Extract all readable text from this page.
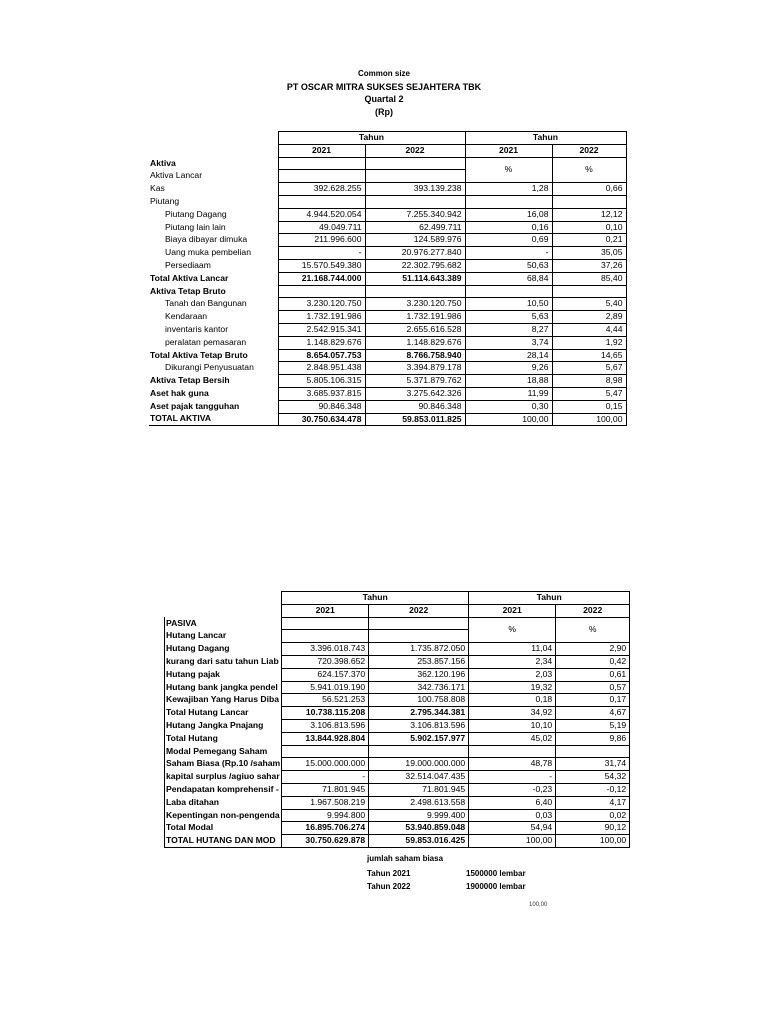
Common size
PT OSCAR MITRA SUKSES SEJAHTERA TBK
Quartal 2
(Rp)
	Tahun		Tahun	
	2021	2022	2021	2022
Aktiva			%	%
Aktiva Lancar				
Kas	392.628.255	393.139.238	1,28	0,66
Piutang				
Piutang Dagang	4.944.520.054	7.255.340.942	16,08	12,12
Piutang lain lain	49.049.711	62.499.711	0,16	0,10
Biaya dibayar dimuka	211.996.600	124.589.976	0,69	0,21
Uang muka pembelian	-	20.976.277.840	-	35,05
Persediaam	15.570.549.380	22.302.795.682	50,63	37,26
Total Aktiva Lancar	21.168.744.000	51.114.643.389	68,84	85,40
Aktiva Tetap Bruto				
Tanah dan Bangunan	3.230.120.750	3.230.120.750	10,50	5,40
Kendaraan	1.732.191.986	1.732.191.986	5,63	2,89
inventaris kantor	2.542.915.341	2.655.616.528	8,27	4,44
peralatan pemasaran	1.148.829.676	1.148.829.676	3,74	1,92
Total Aktiva Tetap Bruto	8.654.057.753	8.766.758.940	28,14	14,65
Dikurangi Penyusuatan	2.848.951.438	3.394.879.178	9,26	5,67
Aktiva Tetap Bersih	5.805.106.315	5.371.879.762	18,88	8,98
Aset hak guna	3.685.937.815	3.275.642.326	11,99	5,47
Aset pajak tangguhan	90.846.348	90.846.348	0,30	0,15
TOTAL AKTIVA	30.750.634.478	59.853.011.825	100,00	100,00
	Tahun		Tahun	
	2021	2022	2021	2022
PASIVA			%	%
Hutang Lancar				
Hutang Dagang	3.396.018.743	1.735.872.050	11,04	2,90
kurang dari satu tahun Liab	720.398.652	253.857.156	2,34	0,42
Hutang pajak	624.157.370	362.120.196	2,03	0,61
Hutang bank jangka pendel	5.941.019.190	342.736.171	19,32	0,57
Kewajiban Yang Harus Diba	56.521.253	100.758.808	0,18	0,17
Total Hutang Lancar	10.738.115.208	2.795.344.381	34,92	4,67
Hutang Jangka Pnajang	3.106.813.596	3.106.813.596	10,10	5,19
Total Hutang	13.844.928.804	5.902.157.977	45,02	9,86
Modal Pemegang Saham				
Saham Biasa (Rp.10 /saham	15.000.000.000	19.000.000.000	48,78	31,74
kapital surplus /agiuo sahar	-	32.514.047.435	-	54,32
Pendapatan komprehensif -	71.801.945	71.801.945	-0,23	-0,12
Laba ditahan	1.967.508.219	2.498.613.558	6,40	4,17
Kepentingan non-pengenda	9.994.800	9.999.400	0,03	0,02
Total Modal	16.895.706.274	53.940.859.048	54,94	90,12
TOTAL HUTANG DAN MOD	30.750.629.878	59.853.016.425	100,00	100,00
jumlah saham biasa
Tahun 2021	1500000 lembar
Tahun 2022	1900000 lembar
100,00
